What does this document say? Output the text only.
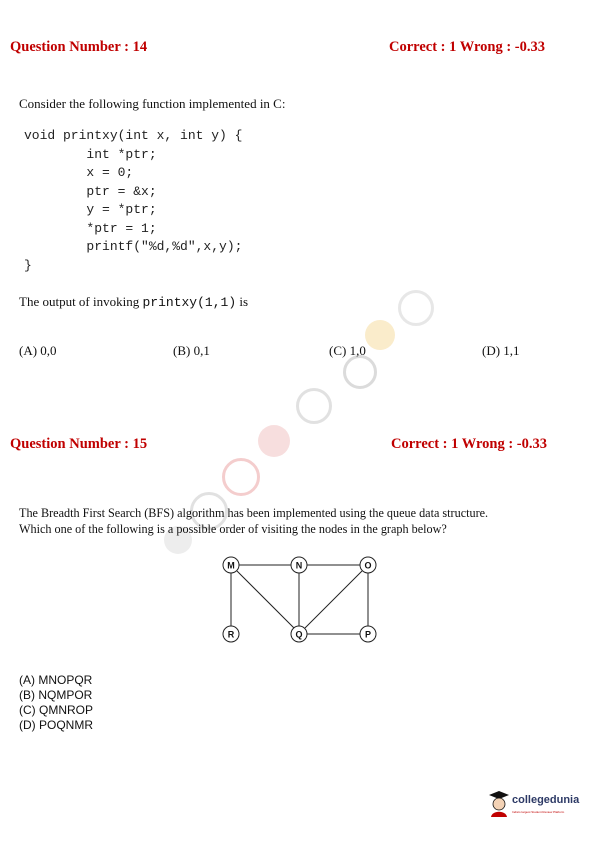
Question Number : 14	Correct : 1 Wrong : -0.33
Consider the following function implemented in C:
void printxy(int x, int y) {
int *ptr;
x = 0;
ptr = &x;
y = *ptr;
*ptr = 1;
printf("%d,%d",x,y);
}
The output of invoking printxy(1,1) is
(A) 0,0	(B) 0,1	(C) 1,0	(D) 1,1
Question Number : 15	Correct : 1 Wrong : -0.33
The Breadth First Search (BFS) algorithm has been implemented using the queue data structure.
Which one of the following is a possible order of visiting the nodes in the graph below?
M	N	O
R	Q	P
(A) MNOPQR
(B) NQMPOR
(C) QMNROP
(D) POQNMR
collegedunia
India's largest Student Review Platform
